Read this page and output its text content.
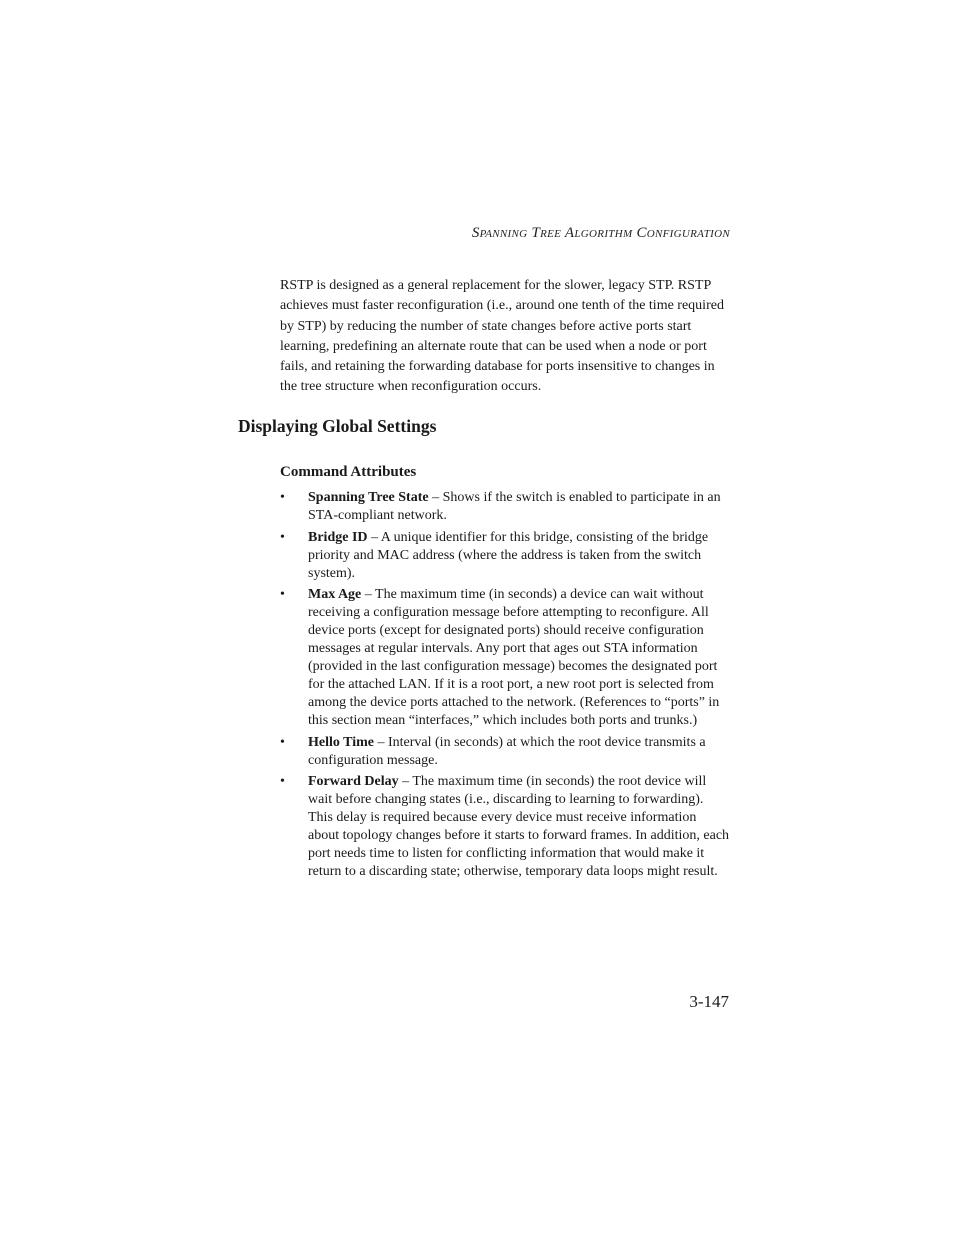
Spanning Tree Algorithm Configuration

RSTP is designed as a general replacement for the slower, legacy STP. RSTP achieves must faster reconfiguration (i.e., around one tenth of the time required by STP) by reducing the number of state changes before active ports start learning, predefining an alternate route that can be used when a node or port fails, and retaining the forwarding database for ports insensitive to changes in the tree structure when reconfiguration occurs.

Displaying Global Settings
Command Attributes
• Spanning Tree State – Shows if the switch is enabled to participate in an STA-compliant network.
• Bridge ID – A unique identifier for this bridge, consisting of the bridge priority and MAC address (where the address is taken from the switch system).
• Max Age – The maximum time (in seconds) a device can wait without receiving a configuration message before attempting to reconfigure. All device ports (except for designated ports) should receive configuration messages at regular intervals. Any port that ages out STA information (provided in the last configuration message) becomes the designated port for the attached LAN. If it is a root port, a new root port is selected from among the device ports attached to the network. (References to “ports” in this section mean “interfaces,” which includes both ports and trunks.)
• Hello Time – Interval (in seconds) at which the root device transmits a configuration message.
• Forward Delay – The maximum time (in seconds) the root device will wait before changing states (i.e., discarding to learning to forwarding). This delay is required because every device must receive information about topology changes before it starts to forward frames. In addition, each port needs time to listen for conflicting information that would make it return to a discarding state; otherwise, temporary data loops might result.
3-147
